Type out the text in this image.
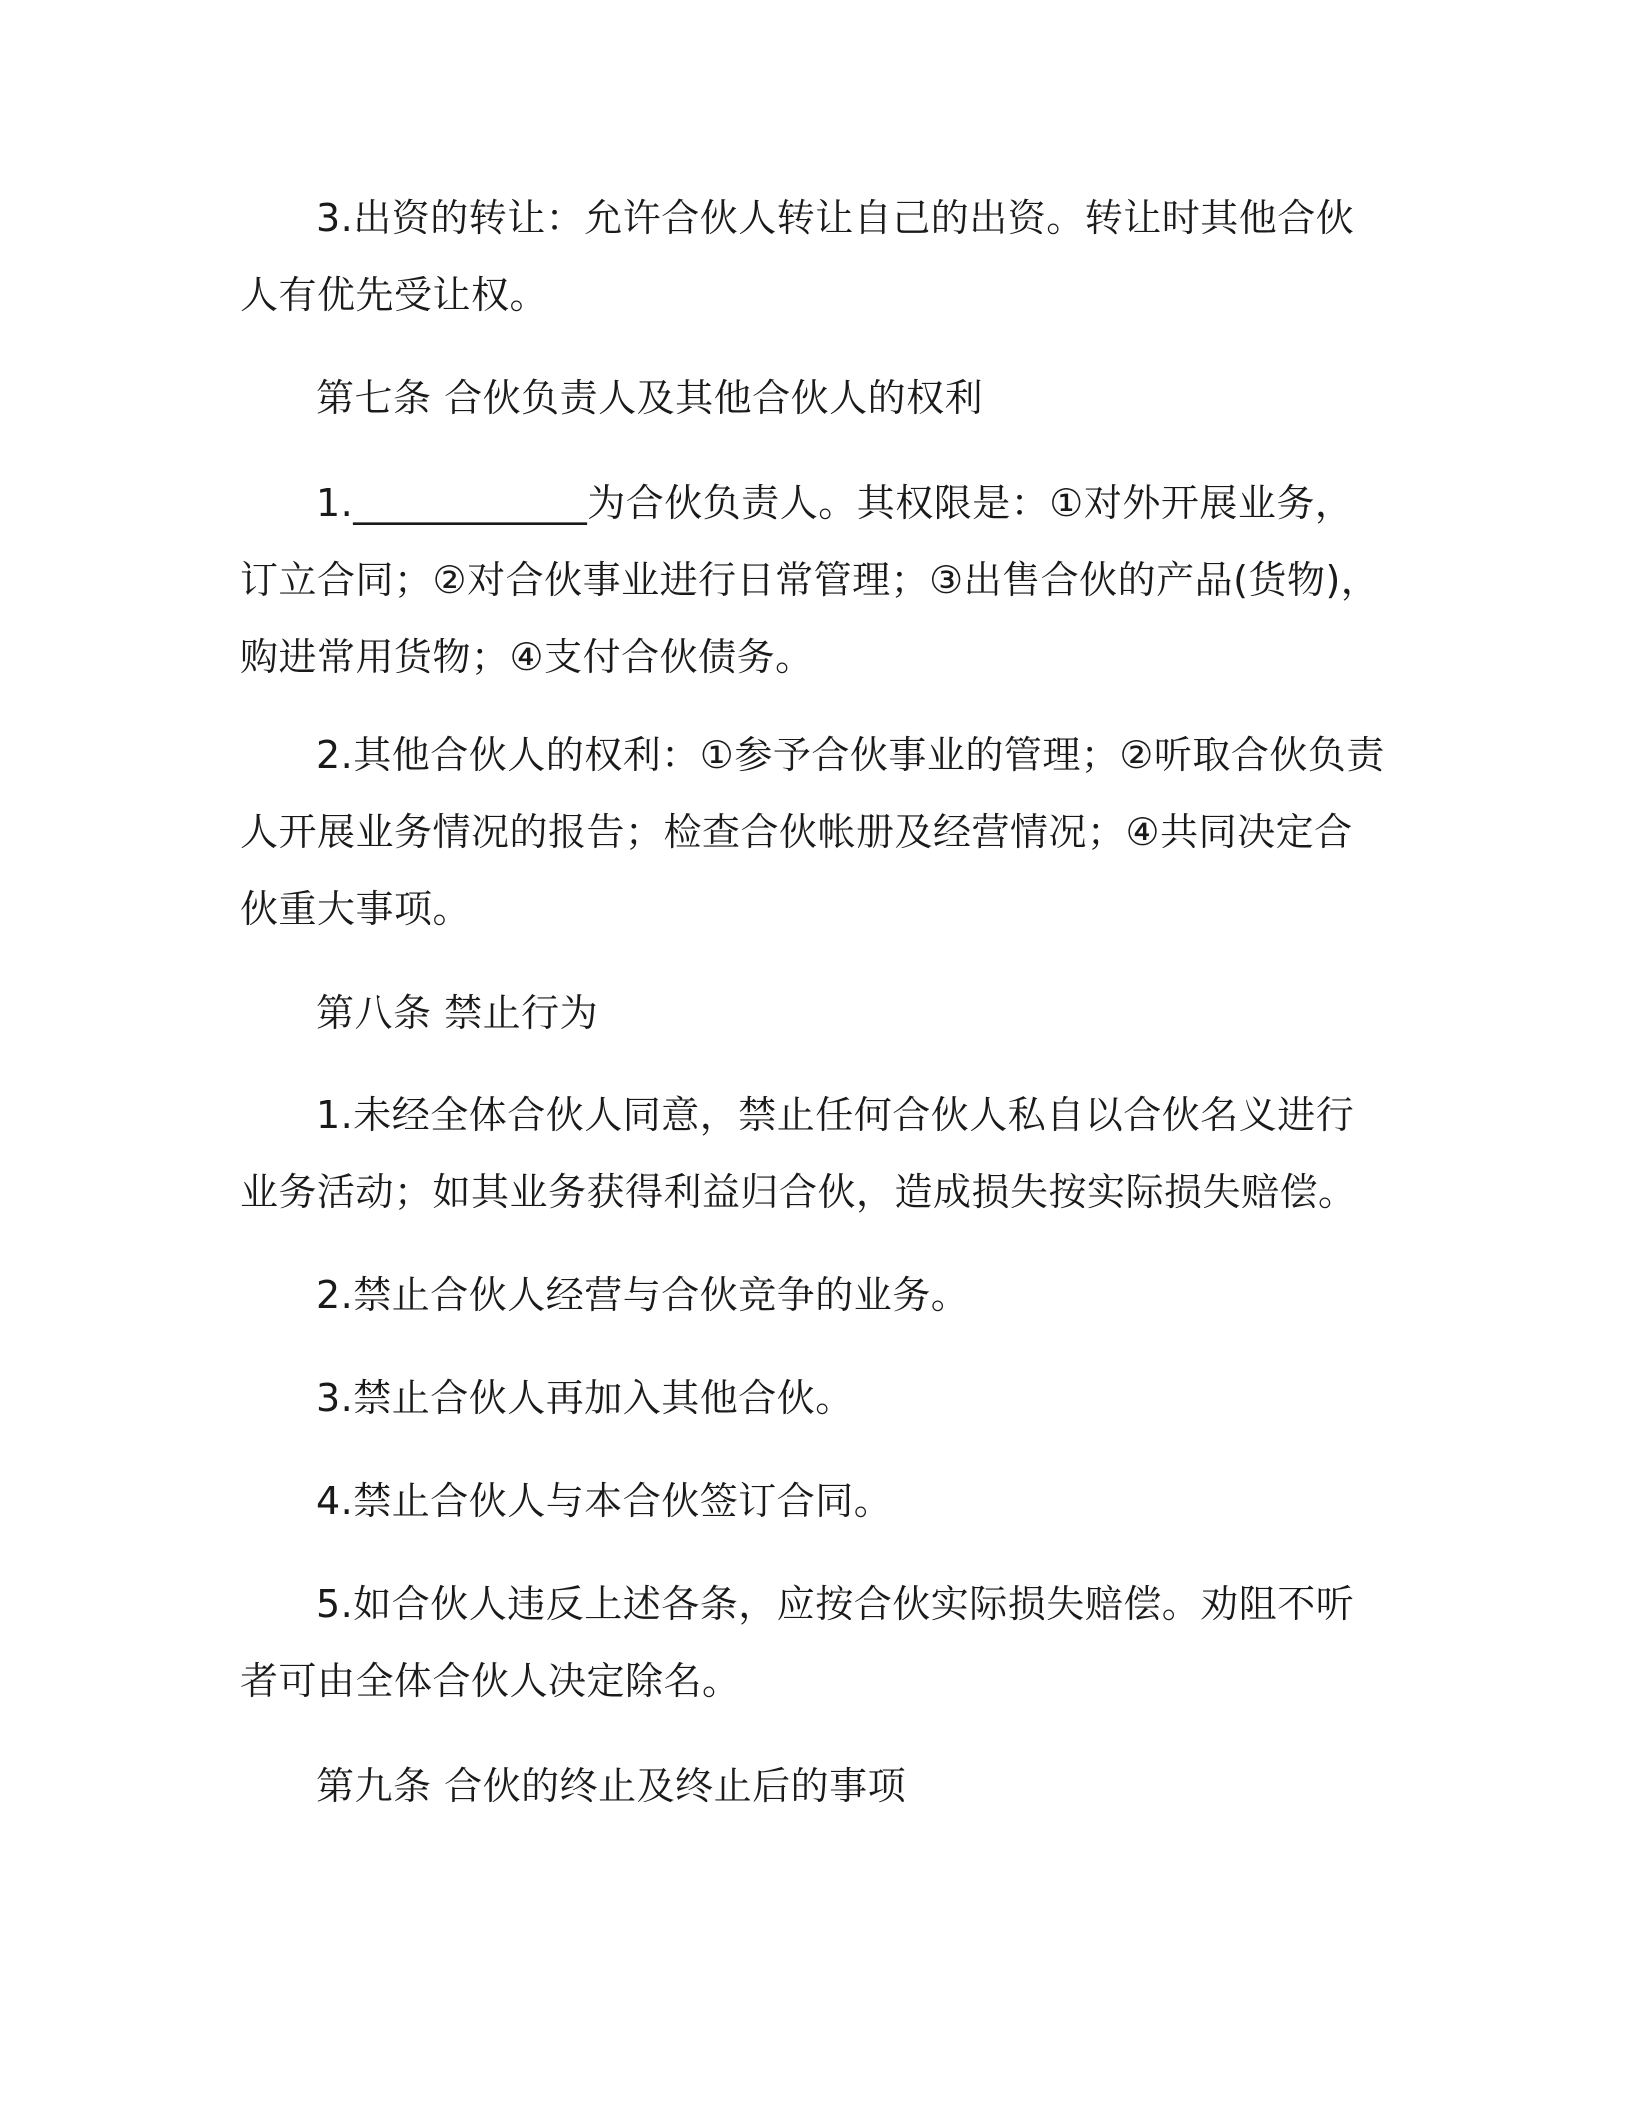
3.出资的转让：允许合伙人转让自己的出资。转让时其他合伙人有优先受让权。

第七条 合伙负责人及其他合伙人的权利

1.____________为合伙负责人。其权限是：①对外开展业务，订立合同；②对合伙事业进行日常管理；③出售合伙的产品(货物)，购进常用货物；④支付合伙债务。

2.其他合伙人的权利：①参予合伙事业的管理；②听取合伙负责人开展业务情况的报告；检查合伙帐册及经营情况；④共同决定合伙重大事项。

第八条 禁止行为

1.未经全体合伙人同意，禁止任何合伙人私自以合伙名义进行业务活动；如其业务获得利益归合伙，造成损失按实际损失赔偿。

2.禁止合伙人经营与合伙竞争的业务。

3.禁止合伙人再加入其他合伙。

4.禁止合伙人与本合伙签订合同。

5.如合伙人违反上述各条，应按合伙实际损失赔偿。劝阻不听者可由全体合伙人决定除名。

第九条 合伙的终止及终止后的事项
